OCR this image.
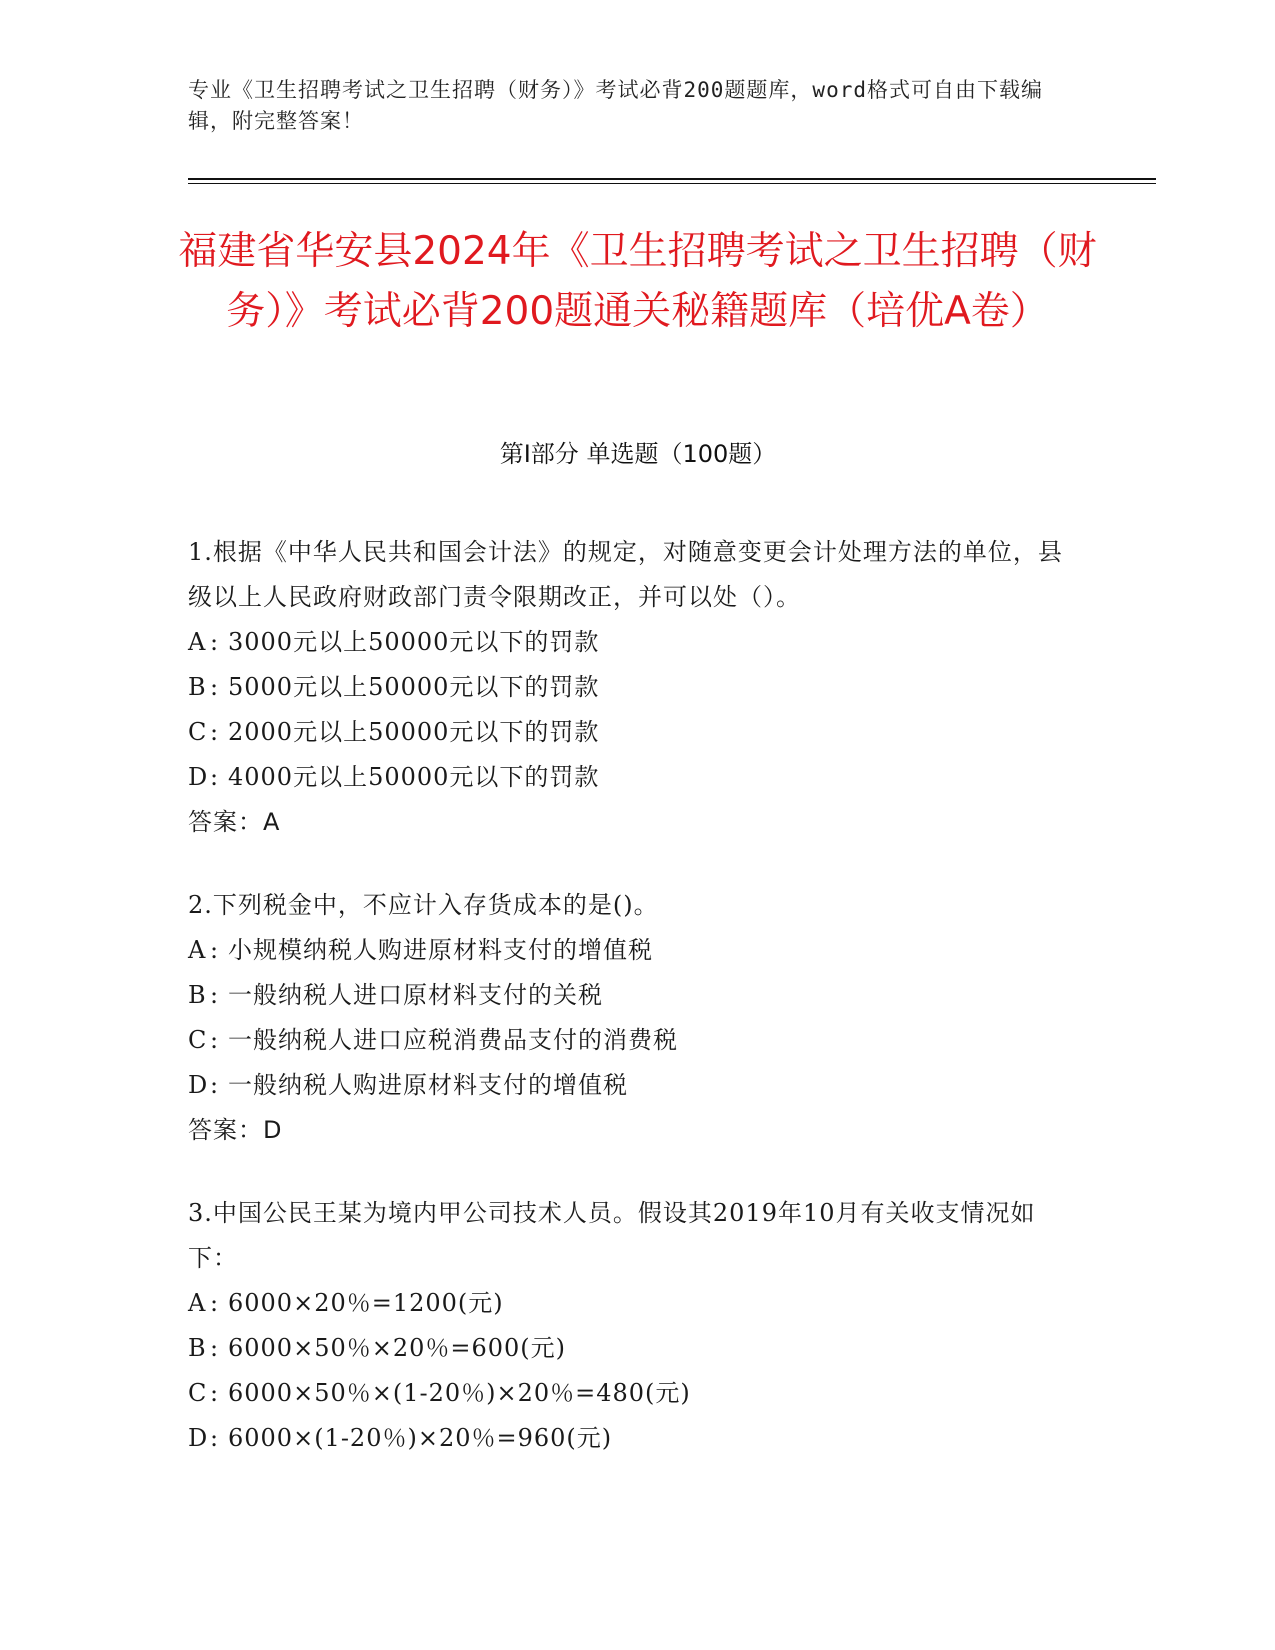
专业《卫生招聘考试之卫生招聘（财务）》考试必背200题题库，word格式可自由下载编辑，附完整答案！
福建省华安县2024年《卫生招聘考试之卫生招聘（财务）》考试必背200题通关秘籍题库（培优A卷）
第Ⅰ部分 单选题（100题）
1.根据《中华人民共和国会计法》的规定，对随意变更会计处理方法的单位，县级以上人民政府财政部门责令限期改正，并可以处（）。
A : 3000元以上50000元以下的罚款
B : 5000元以上50000元以下的罚款
C : 2000元以上50000元以下的罚款
D: 4000元以上50000元以下的罚款
答案：A
2.下列税金中，不应计入存货成本的是()。
A : 小规模纳税人购进原材料支付的增值税
B : 一般纳税人进口原材料支付的关税
C : 一般纳税人进口应税消费品支付的消费税
D: 一般纳税人购进原材料支付的增值税
答案：D
3.中国公民王某为境内甲公司技术人员。假设其2019年10月有关收支情况如下：
A : 6000×20％=1200(元)
B : 6000×50％×20％=600(元)
C : 6000×50％×(1-20％)×20％=480(元)
D: 6000×(1-20％)×20％=960(元)
